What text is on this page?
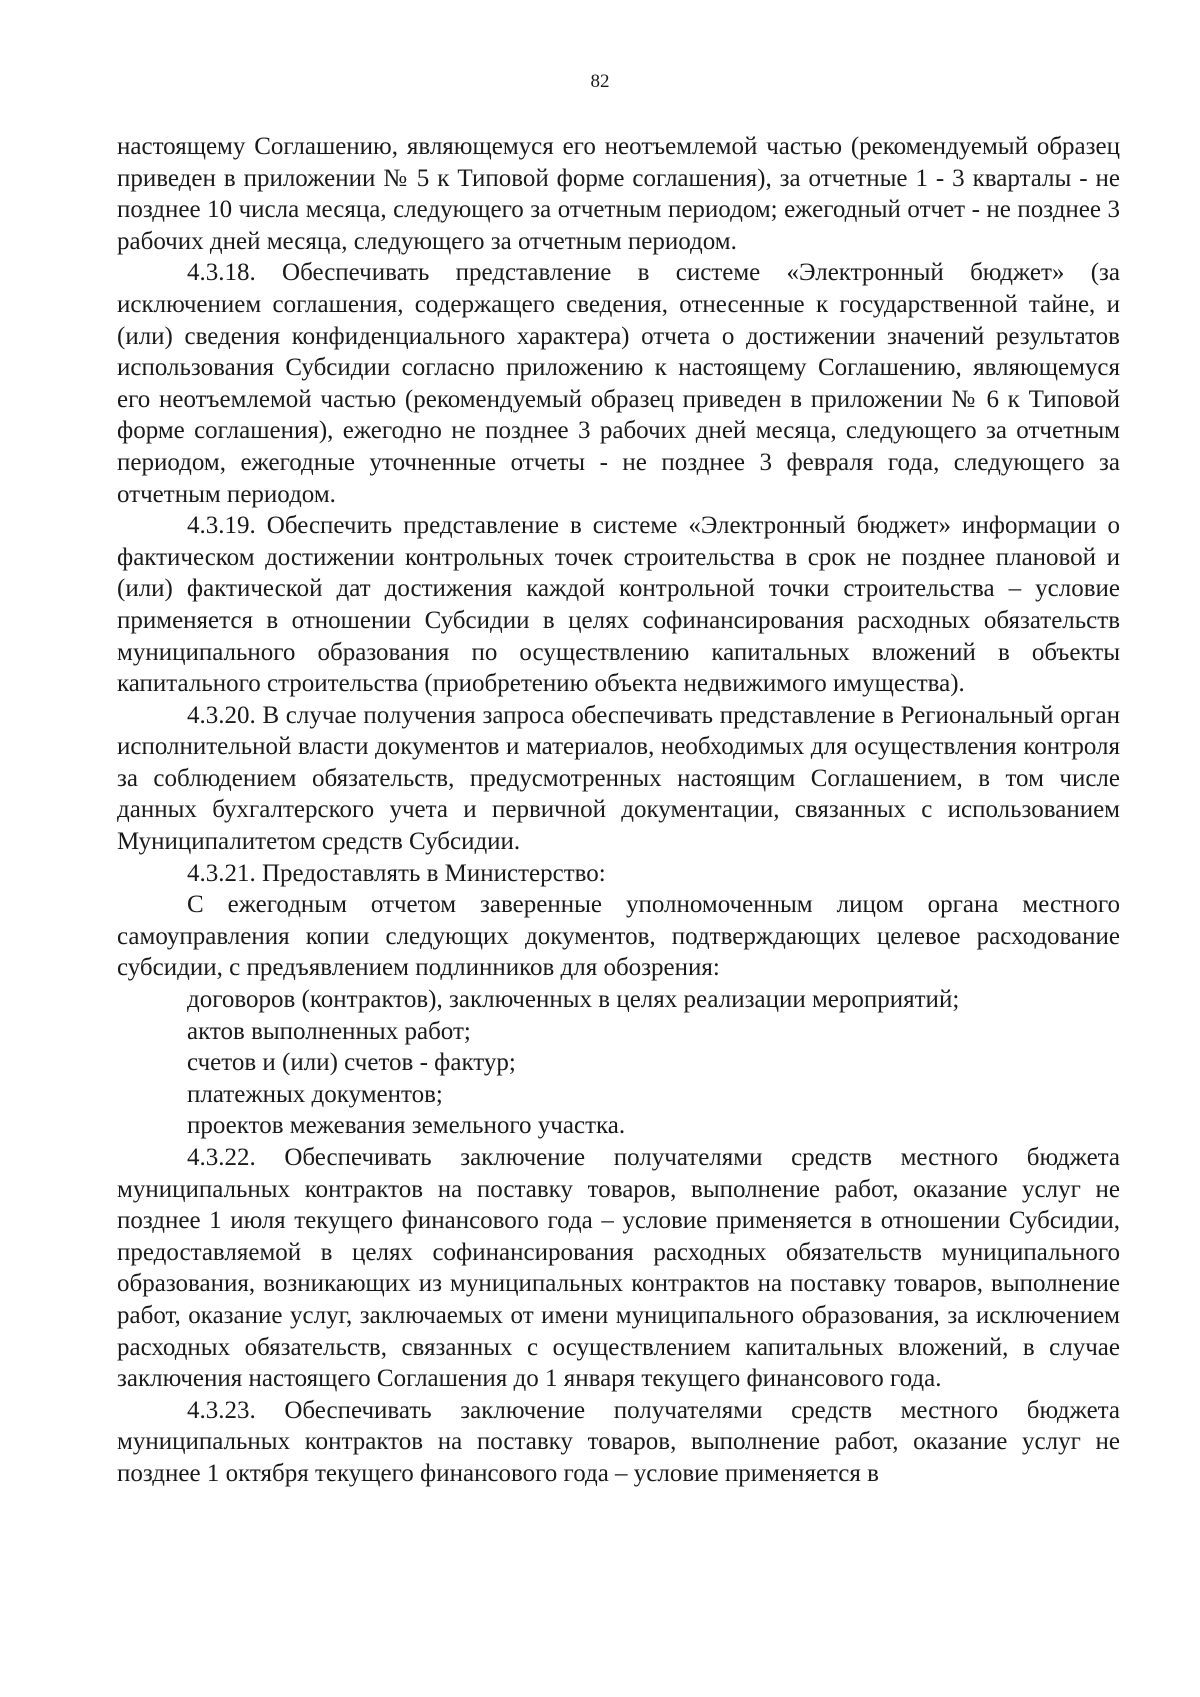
82

настоящему Соглашению, являющемуся его неотъемлемой частью (рекомендуемый образец приведен в приложении № 5 к Типовой форме соглашения), за отчетные 1 - 3 кварталы - не позднее 10 числа месяца, следующего за отчетным периодом; ежегодный отчет - не позднее 3 рабочих дней месяца, следующего за отчетным периодом.

4.3.18. Обеспечивать представление в системе «Электронный бюджет» (за исключением соглашения, содержащего сведения, отнесенные к государственной тайне, и (или) сведения конфиденциального характера) отчета о достижении значений результатов использования Субсидии согласно приложению к настоящему Соглашению, являющемуся его неотъемлемой частью (рекомендуемый образец приведен в приложении № 6 к Типовой форме соглашения), ежегодно не позднее 3 рабочих дней месяца, следующего за отчетным периодом, ежегодные уточненные отчеты - не позднее 3 февраля года, следующего за отчетным периодом.

4.3.19. Обеспечить представление в системе «Электронный бюджет» информации о фактическом достижении контрольных точек строительства в срок не позднее плановой и (или) фактической дат достижения каждой контрольной точки строительства – условие применяется в отношении Субсидии в целях софинансирования расходных обязательств муниципального образования по осуществлению капитальных вложений в объекты капитального строительства (приобретению объекта недвижимого имущества).

4.3.20. В случае получения запроса обеспечивать представление в Региональный орган исполнительной власти документов и материалов, необходимых для осуществления контроля за соблюдением обязательств, предусмотренных настоящим Соглашением, в том числе данных бухгалтерского учета и первичной документации, связанных с использованием Муниципалитетом средств Субсидии.

4.3.21. Предоставлять в Министерство:

С ежегодным отчетом заверенные уполномоченным лицом органа местного самоуправления копии следующих документов, подтверждающих целевое расходование субсидии, с предъявлением подлинников для обозрения:

договоров (контрактов), заключенных в целях реализации мероприятий;

актов выполненных работ;

счетов и (или) счетов - фактур;

платежных документов;

проектов межевания земельного участка.

4.3.22. Обеспечивать заключение получателями средств местного бюджета муниципальных контрактов на поставку товаров, выполнение работ, оказание услуг не позднее 1 июля текущего финансового года – условие применяется в отношении Субсидии, предоставляемой в целях софинансирования расходных обязательств муниципального образования, возникающих из муниципальных контрактов на поставку товаров, выполнение работ, оказание услуг, заключаемых от имени муниципального образования, за исключением расходных обязательств, связанных с осуществлением капитальных вложений, в случае заключения настоящего Соглашения до 1 января текущего финансового года.

4.3.23. Обеспечивать заключение получателями средств местного бюджета муниципальных контрактов на поставку товаров, выполнение работ, оказание услуг не позднее 1 октября текущего финансового года – условие применяется в
